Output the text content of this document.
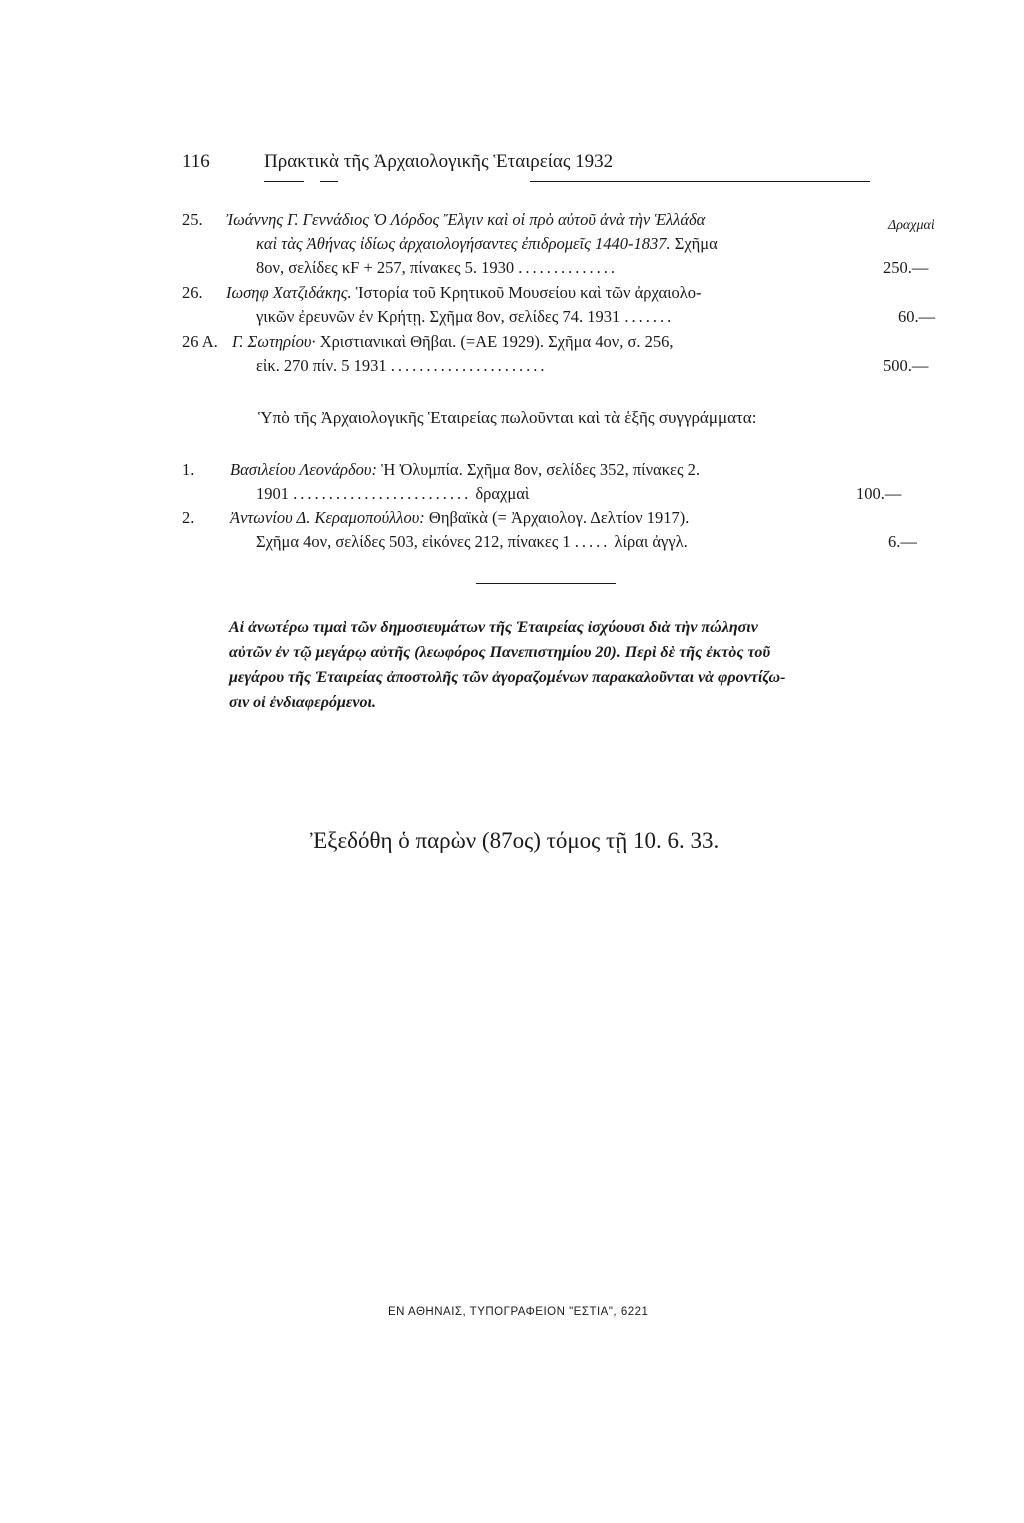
116	Πρακτικὰ τῆς Ἀρχαιολογικῆς Ἑταιρείας 1932
Δραχμαὶ
25. Ἰωάννης Γ. Γεννάδιος Ὁ Λόρδος Ἔλγιν καὶ οἱ πρὸ αὐτοῦ ἀνὰ τὴν Ἑλλάδα
καὶ τὰς Ἀθήνας ἰδίως ἀρχαιολογήσαντες ἐπιδρομεῖς 1440-1837. Σχῆμα
8ον, σελίδες κF + 257, πίνακες 5. 1930 ..............	250.—
26. Ιωσηφ Χατζιδάκης. Ἱστορία τοῦ Κρητικοῦ Μουσείου καὶ τῶν ἀρχαιολο-
γικῶν ἐρευνῶν ἐν Κρήτῃ. Σχῆμα 8ον, σελίδες 74. 1931 .......	60.—
26 Α. Γ. Σωτηρίου· Χριστιανικαὶ Θῆβαι. (=ΑΕ 1929). Σχῆμα 4ον, σ. 256,
εἰκ. 270 πίν. 5 1931 ......................	500.—
Ὑπὸ τῆς Ἀρχαιολογικῆς Ἑταιρείας πωλοῦνται καὶ τὰ ἑξῆς συγγράμματα:
1. Βασιλείου Λεονάρδου: Ἡ Ὀλυμπία. Σχῆμα 8ον, σελίδες 352, πίνακες 2.
1901 ......................... δραχμαὶ	100.—
2. Ἀντωνίου Δ. Κεραμοπούλλου: Θηβαϊκὰ (= Ἀρχαιολογ. Δελτίον 1917).
Σχῆμα 4ον, σελίδες 503, εἰκόνες 212, πίνακες 1 ..... λίραι ἀγγλ.	6.—
Αἱ ἀνωτέρω τιμαὶ τῶν δημοσιευμάτων τῆς Ἑταιρείας ἰσχύουσι διὰ τὴν πώλησιν
αὐτῶν ἐν τῷ μεγάρῳ αὐτῆς (λεωφόρος Πανεπιστημίου 20). Περὶ δὲ τῆς ἐκτὸς τοῦ
μεγάρου τῆς Ἑταιρείας ἀποστολῆς τῶν ἀγοραζομένων παρακαλοῦνται νὰ φροντίζω-
σιν οἱ ἐνδιαφερόμενοι.
Ἐξεδόθη ὁ παρὼν (87ος) τόμος τῇ 10. 6. 33.
ΕΝ ΑΘΗΝΑΙΣ, ΤΥΠΟΓΡΑΦΕΙΟΝ "ΕΣΤΙΑ", 6221
